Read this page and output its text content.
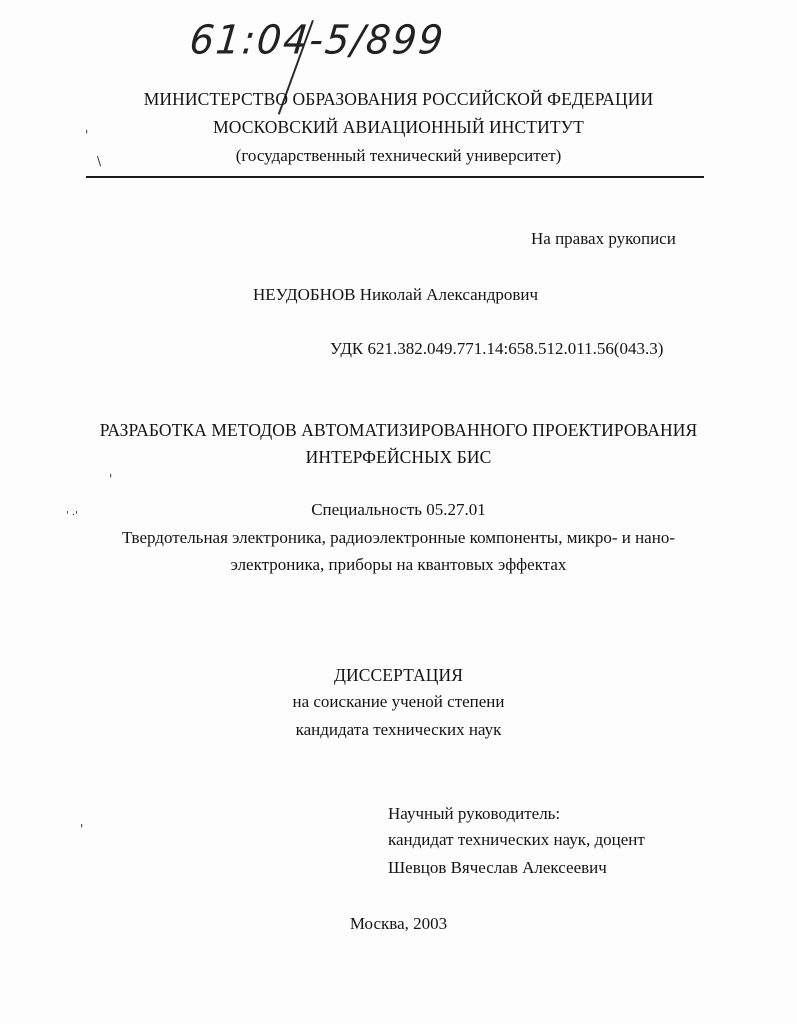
61:04-5/899
МИНИСТЕРСТВО ОБРАЗОВАНИЯ РОССИЙСКОЙ ФЕДЕРАЦИИ
МОСКОВСКИЙ АВИАЦИОННЫЙ ИНСТИТУТ
(государственный технический университет)
'
\
'
' ·'
'
На правах рукописи
НЕУДОБНОВ Николай Александрович
УДК 621.382.049.771.14:658.512.011.56(043.3)
РАЗРАБОТКА МЕТОДОВ АВТОМАТИЗИРОВАННОГО ПРОЕКТИРОВАНИЯ
ИНТЕРФЕЙСНЫХ БИС
Специальность 05.27.01
Твердотельная электроника, радиоэлектронные компоненты, микро- и нано-
электроника, приборы на квантовых эффектах
ДИССЕРТАЦИЯ
на соискание ученой степени
кандидата технических наук
Научный руководитель:
кандидат технических наук, доцент
Шевцов Вячеслав Алексеевич
Москва, 2003
